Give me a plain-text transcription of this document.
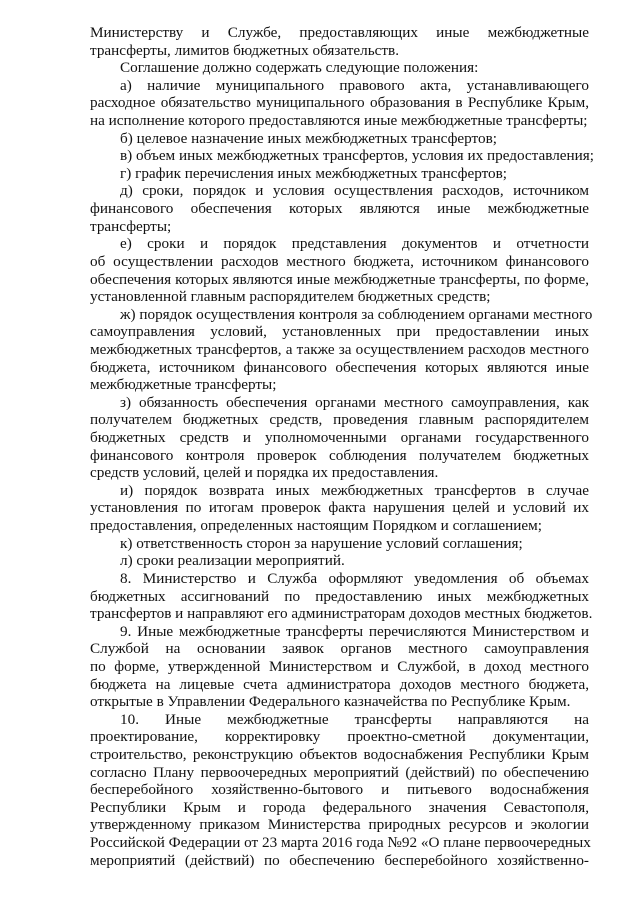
Министерству и Службе, предоставляющих иные межбюджетные
трансферты, лимитов бюджетных обязательств.
Соглашение должно содержать следующие положения:
а) наличие муниципального правового акта, устанавливающего
расходное обязательство муниципального образования в Республике Крым,
на исполнение которого предоставляются иные межбюджетные трансферты;
б) целевое назначение иных межбюджетных трансфертов;
в) объем иных межбюджетных трансфертов, условия их предоставления;
г) график перечисления иных межбюджетных трансфертов;
д) сроки, порядок и условия осуществления расходов, источником
финансового обеспечения которых являются иные межбюджетные
трансферты;
е) сроки и порядок представления документов и отчетности
об осуществлении расходов местного бюджета, источником финансового
обеспечения которых являются иные межбюджетные трансферты, по форме,
установленной главным распорядителем бюджетных средств;
ж) порядок осуществления контроля за соблюдением органами местного
самоуправления условий, установленных при предоставлении иных
межбюджетных трансфертов, а также за осуществлением расходов местного
бюджета, источником финансового обеспечения которых являются иные
межбюджетные трансферты;
з) обязанность обеспечения органами местного самоуправления, как
получателем бюджетных средств, проведения главным распорядителем
бюджетных средств и уполномоченными органами государственного
финансового контроля проверок соблюдения получателем бюджетных
средств условий, целей и порядка их предоставления.
и) порядок возврата иных межбюджетных трансфертов в случае
установления по итогам проверок факта нарушения целей и условий их
предоставления, определенных настоящим Порядком и соглашением;
к) ответственность сторон за нарушение условий соглашения;
л) сроки реализации мероприятий.
8. Министерство и Служба оформляют уведомления об объемах
бюджетных ассигнований по предоставлению иных межбюджетных
трансфертов и направляют его администраторам доходов местных бюджетов.
9. Иные межбюджетные трансферты перечисляются Министерством и
Службой на основании заявок органов местного самоуправления
по форме, утвержденной Министерством и Службой, в доход местного
бюджета на лицевые счета администратора доходов местного бюджета,
открытые в Управлении Федерального казначейства по Республике Крым.
10. Иные межбюджетные трансферты направляются на
проектирование, корректировку проектно-сметной документации,
строительство, реконструкцию объектов водоснабжения Республики Крым
согласно Плану первоочередных мероприятий (действий) по обеспечению
бесперебойного хозяйственно-бытового и питьевого водоснабжения
Республики Крым и города федерального значения Севастополя,
утвержденному приказом Министерства природных ресурсов и экологии
Российской Федерации от 23 марта 2016 года №92 «О плане первоочередных
мероприятий (действий) по обеспечению бесперебойного хозяйственно-
